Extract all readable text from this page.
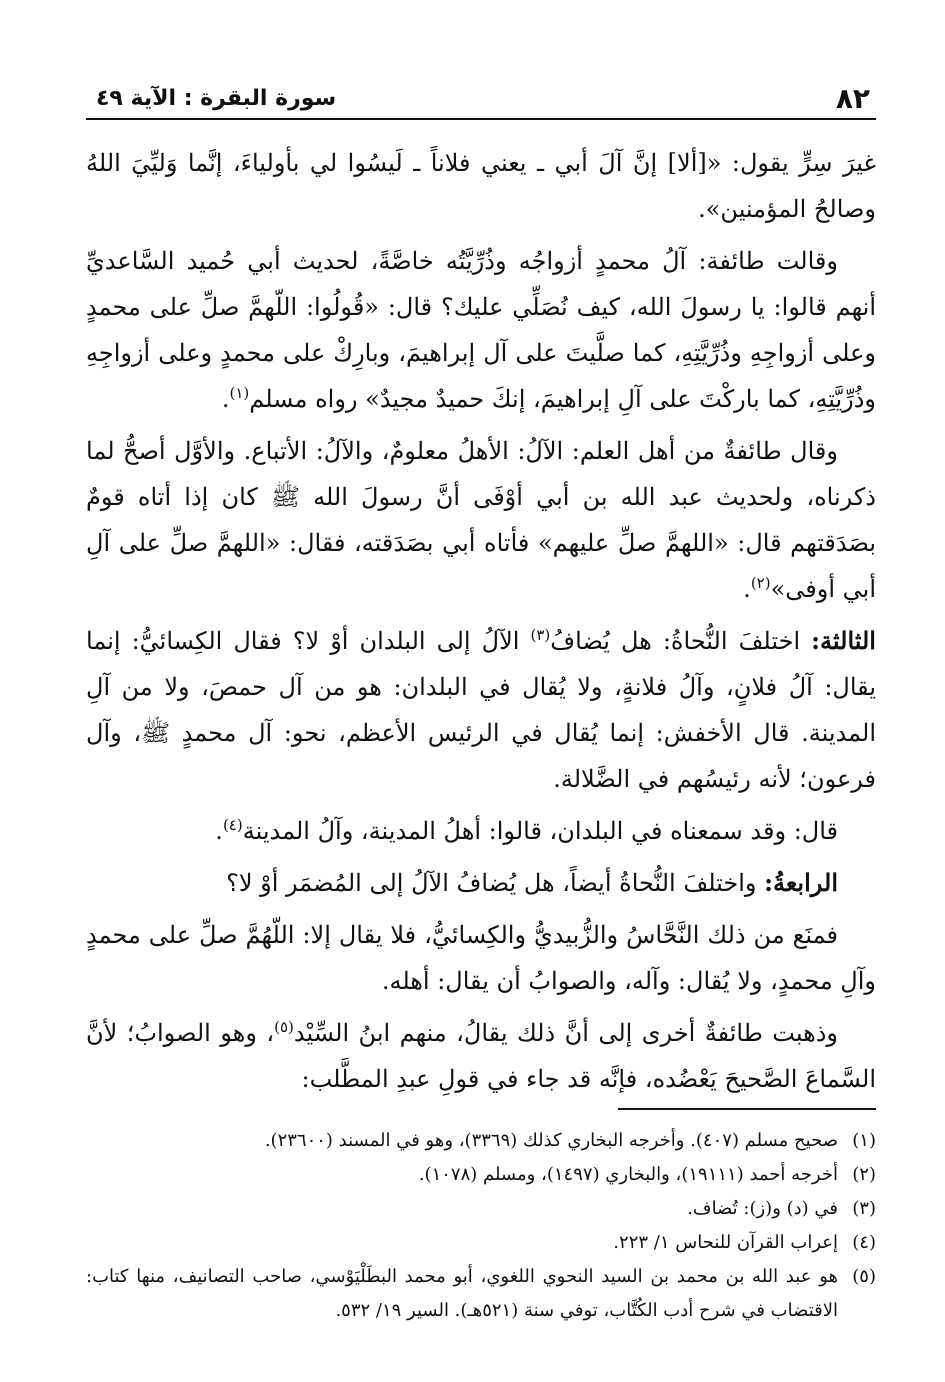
٨٢
سورة البقرة : الآية ٤٩

غيرَ سِرٍّ يقول: «[ألا] إنَّ آلَ أبي ـ يعني فلاناً ـ لَيسُوا لي بأولياءَ، إنَّما وَليِّيَ اللهُ وصالحُ المؤمنين».

وقالت طائفة: آلُ محمدٍ أزواجُه وذُرِّيَّتُه خاصَّةً، لحديث أبي حُميد السَّاعديِّ أنهم قالوا: يا رسولَ الله، كيف نُصَلِّي عليك؟ قال: «قُولُوا: اللّهمَّ صلِّ على محمدٍ وعلى أزواجِهِ وذُرِّيَّتِهِ، كما صلَّيتَ على آل إبراهيمَ، وبارِكْ على محمدٍ وعلى أزواجِهِ وذُرِّيَّتِهِ، كما باركْتَ على آلِ إبراهيمَ، إنكَ حميدٌ مجيدٌ» رواه مسلم$^{(١)}$.

وقال طائفةٌ من أهل العلم: الآلُ: الأهلُ معلومٌ، والآلُ: الأتباع. والأوَّل أصحُّ لما ذكرناه، ولحديث عبد الله بن أبي أوْفَى أنَّ رسولَ الله ﷺ كان إذا أتاه قومٌ بصَدَقتهم قال: «اللهمَّ صلِّ عليهم» فأتاه أبي بصَدَقته، فقال: «اللهمَّ صلِّ على آلِ أبي أوفى»$^{(٢)}$.

الثالثة: اختلفَ النُّحاةُ: هل يُضافُ$^{(٣)}$ الآلُ إلى البلدان أوْ لا؟ فقال الكِسائيُّ: إنما يقال: آلُ فلانٍ، وآلُ فلانةٍ، ولا يُقال في البلدان: هو من آل حمصَ، ولا من آلِ المدينة. قال الأخفش: إنما يُقال في الرئيس الأعظم، نحو: آل محمدٍ ﷺ، وآل فرعون؛ لأنه رئيسُهم في الضَّلالة.

قال: وقد سمعناه في البلدان، قالوا: أهلُ المدينة، وآلُ المدينة$^{(٤)}$.

الرابعةُ: واختلفَ النُّحاةُ أيضاً، هل يُضافُ الآلُ إلى المُضمَر أوْ لا؟

فمنَع من ذلك النَّحَّاسُ والزُّبيديُّ والكِسائيُّ، فلا يقال إلا: اللّهُمَّ صلِّ على محمدٍ وآلِ محمدٍ، ولا يُقال: وآله، والصوابُ أن يقال: أهله.

وذهبت طائفةٌ أخرى إلى أنَّ ذلك يقالُ، منهم ابنُ السِّيْد$^{(٥)}$، وهو الصوابُ؛ لأنَّ السَّماعَ الصَّحيحَ يَعْضُده، فإنَّه قد جاء في قولِ عبدِ المطَّلب:

(١)
صحيح مسلم (٤٠٧). وأخرجه البخاري كذلك (٣٣٦٩)، وهو في المسند (٢٣٦٠٠).
(٢)
أخرجه أحمد (١٩١١١)، والبخاري (١٤٩٧)، ومسلم (١٠٧٨).
(٣)
في (د) و(ز): تُضاف.
(٤)
إعراب القرآن للنحاس ١/ ٢٢٣.
(٥)
هو عبد الله بن محمد بن السيد النحوي اللغوي، أبو محمد البطَلْيَوْسي، صاحب التصانيف، منها كتاب: الاقتضاب في شرح أدب الكُتَّاب، توفي سنة (٥٢١هـ). السير ١٩/ ٥٣٢.
